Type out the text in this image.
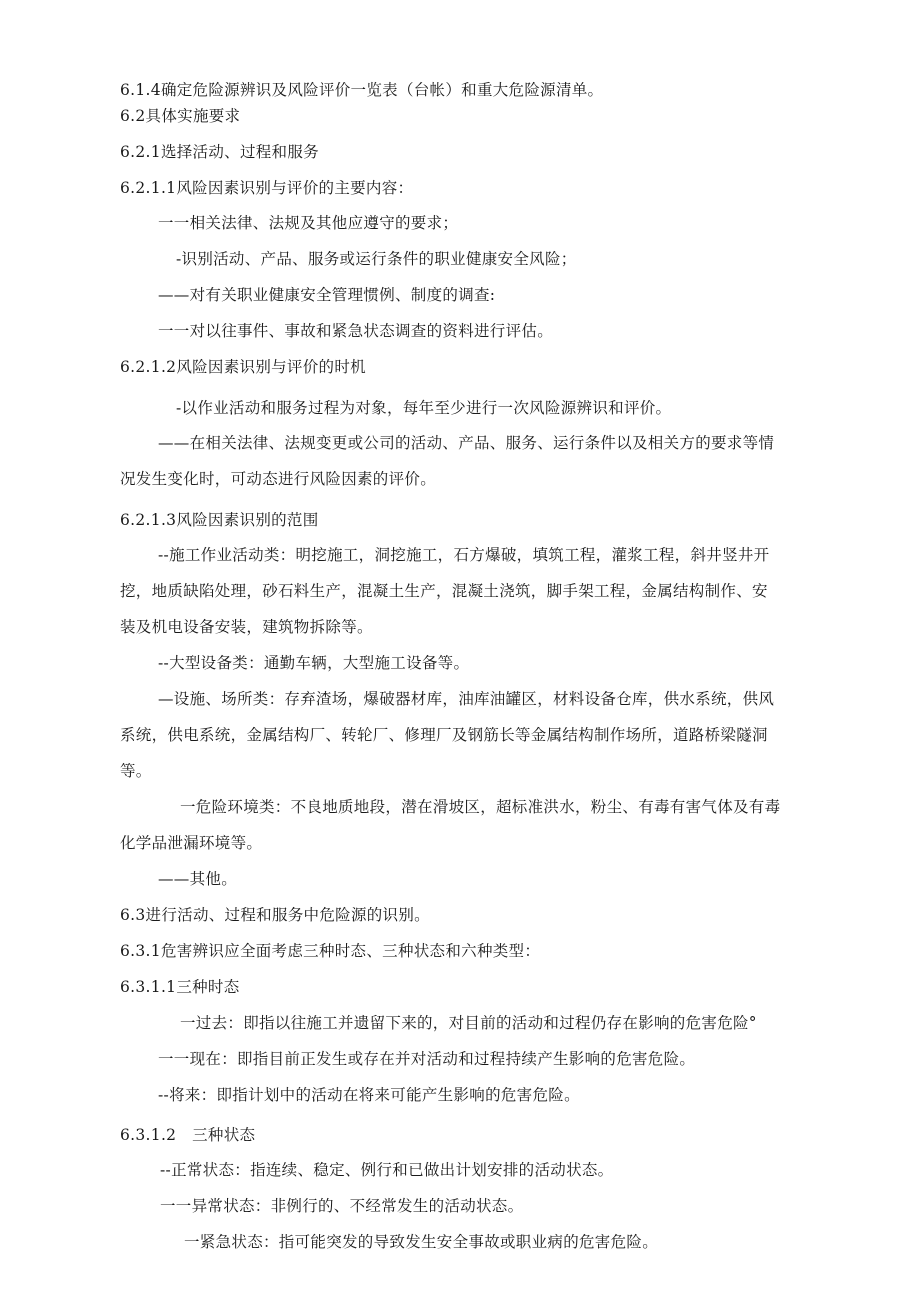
6.1.4确定危险源辨识及风险评价一览表（台帐）和重大危险源清单。
6.2具体实施要求
6.2.1选择活动、过程和服务
6.2.1.1风险因素识别与评价的主要内容：
一一相关法律、法规及其他应遵守的要求；
-识别活动、产品、服务或运行条件的职业健康安全风险；
——对有关职业健康安全管理惯例、制度的调查:
一一对以往事件、事故和紧急状态调查的资料进行评估。
6.2.1.2风险因素识别与评价的时机
-以作业活动和服务过程为对象，每年至少进行一次风险源辨识和评价。
——在相关法律、法规变更或公司的活动、产品、服务、运行条件以及相关方的要求等情
况发生变化时，可动态进行风险因素的评价。
6.2.1.3风险因素识别的范围
--施工作业活动类：明挖施工，洞挖施工，石方爆破，填筑工程，灌浆工程，斜井竖井开
挖，地质缺陷处理，砂石料生产，混凝土生产，混凝土浇筑，脚手架工程，金属结构制作、安
装及机电设备安装，建筑物拆除等。
--大型设备类：通勤车辆，大型施工设备等。
—设施、场所类：存弃渣场，爆破器材库，油库油罐区，材料设备仓库，供水系统，供风
系统，供电系统，金属结构厂、转轮厂、修理厂及钢筋长等金属结构制作场所，道路桥梁隧洞
等。
一危险环境类：不良地质地段，潜在滑坡区，超标准洪水，粉尘、有毒有害气体及有毒
化学品泄漏环境等。
——其他。
6.3进行活动、过程和服务中危险源的识别。
6.3.1危害辨识应全面考虑三种时态、三种状态和六种类型：
6.3.1.1三种时态
一过去：即指以往施工并遗留下来的，对目前的活动和过程仍存在影响的危害危险°
一一现在：即指目前正发生或存在并对活动和过程持续产生影响的危害危险。
--将来：即指计划中的活动在将来可能产生影响的危害危险。
6.3.1.2　三种状态
--正常状态：指连续、稳定、例行和已做出计划安排的活动状态。
一一异常状态：非例行的、不经常发生的活动状态。
一紧急状态：指可能突发的导致发生安全事故或职业病的危害危险。
